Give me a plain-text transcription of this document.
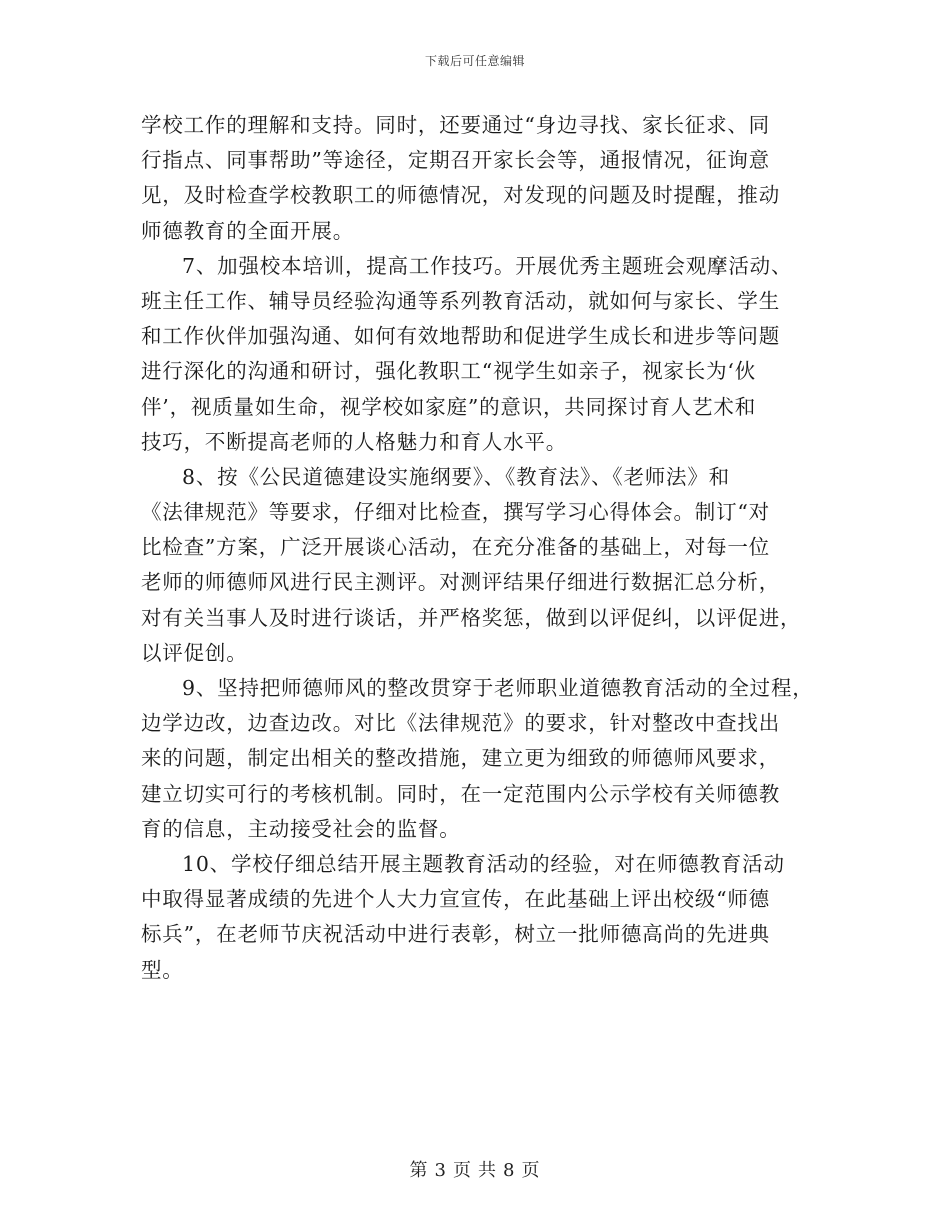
下载后可任意编辑
学校工作的理解和支持。同时，还要通过“身边寻找、家长征求、同
行指点、同事帮助”等途径，定期召开家长会等，通报情况，征询意
见，及时检查学校教职工的师德情况，对发现的问题及时提醒，推动
师德教育的全面开展。
7、加强校本培训，提高工作技巧。开展优秀主题班会观摩活动、
班主任工作、辅导员经验沟通等系列教育活动，就如何与家长、学生
和工作伙伴加强沟通、如何有效地帮助和促进学生成长和进步等问题
进行深化的沟通和研讨，强化教职工“视学生如亲子，视家长为‘伙
伴’，视质量如生命，视学校如家庭”的意识，共同探讨育人艺术和
技巧，不断提高老师的人格魅力和育人水平。
8、按《公民道德建设实施纲要》、《教育法》、《老师法》和
《法律规范》等要求，仔细对比检查，撰写学习心得体会。制订“对
比检查”方案，广泛开展谈心活动，在充分准备的基础上，对每一位
老师的师德师风进行民主测评。对测评结果仔细进行数据汇总分析，
对有关当事人及时进行谈话，并严格奖惩，做到以评促纠，以评促进，
以评促创。
9、坚持把师德师风的整改贯穿于老师职业道德教育活动的全过程，
边学边改，边查边改。对比《法律规范》的要求，针对整改中查找出
来的问题，制定出相关的整改措施，建立更为细致的师德师风要求，
建立切实可行的考核机制。同时，在一定范围内公示学校有关师德教
育的信息，主动接受社会的监督。
10、学校仔细总结开展主题教育活动的经验，对在师德教育活动
中取得显著成绩的先进个人大力宣宣传，在此基础上评出校级“师德
标兵”，在老师节庆祝活动中进行表彰，树立一批师德高尚的先进典
型。
第 3 页 共 8 页
